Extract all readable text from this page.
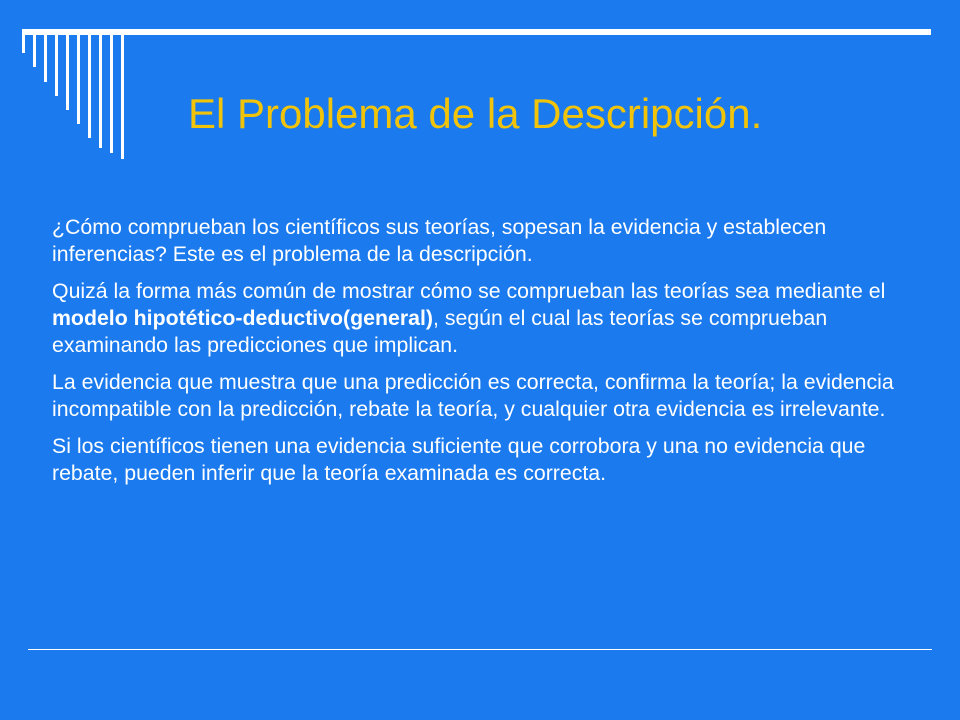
El Problema de la Descripción.

¿Cómo comprueban los científicos sus teorías, sopesan la evidencia y establecen inferencias? Este es el problema de la descripción.

Quizá la forma más común de mostrar cómo se comprueban las teorías sea mediante el modelo hipotético-deductivo(general), según el cual las teorías se comprueban examinando las predicciones que implican.

La evidencia que muestra que una predicción es correcta, confirma la teoría; la evidencia incompatible con la predicción, rebate la teoría, y cualquier otra evidencia es irrelevante.

Si los científicos tienen una evidencia suficiente que corrobora y una no evidencia que rebate, pueden inferir que la teoría examinada es correcta.
